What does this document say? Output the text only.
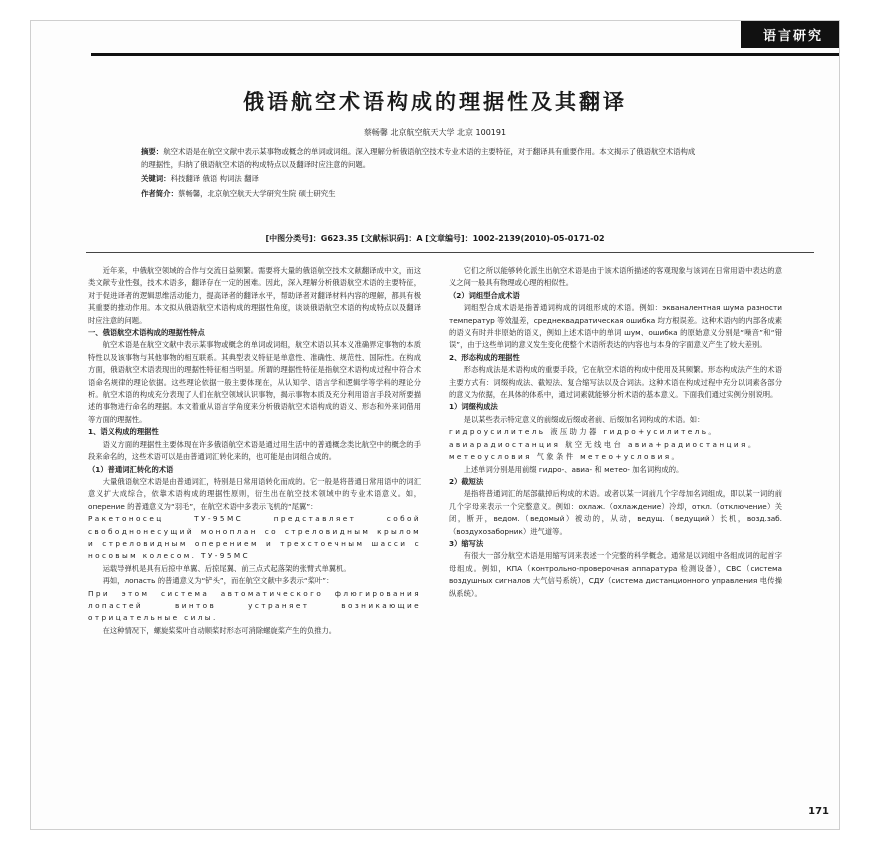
语言研究
俄语航空术语构成的理据性及其翻译
蔡畅馨 北京航空航天大学 北京 100191

摘要：航空术语是在航空文献中表示某事物或概念的单词或词组。深入理解分析俄语航空技术专业术语的主要特征，对于翻译具有重要作用。本文揭示了俄语航空术语构成的理据性，归纳了俄语航空术语的构成特点以及翻译时应注意的问题。

关键词：科技翻译 俄语 构词法 翻译

作者简介：蔡畅馨，北京航空航天大学研究生院 硕士研究生

[中图分类号]：G623.35 [文献标识码]：A [文章编号]：1002-2139(2010)-05-0171-02

近年来，中俄航空领域的合作与交流日益频繁。需要将大量的俄语航空技术文献翻译成中文，而这类文献专业性强，技术术语多，翻译存在一定的困难。因此，深入理解分析俄语航空术语的主要特征，对于促进译者的逻辑思维活动能力，提高译者的翻译水平，帮助译者对翻译材料内容的理解，都具有极其重要的推动作用。本文拟从俄语航空术语构成的理据性角度，谈谈俄语航空术语的构成特点以及翻译时应注意的问题。

一、俄语航空术语构成的理据性特点

航空术语是在航空文献中表示某事物或概念的单词或词组，航空术语以其本义准确界定事物的本质特性以及该事物与其他事物的相互联系。其典型表义特征是单意性、准确性、规范性、国际性。在构成方面，俄语航空术语表现出的理据性特征相当明显。所谓的理据性特征是指航空术语构成过程中符合术语命名规律的理论依据。这些理论依据一般主要体现在，从认知学、语言学和逻辑学等学科的理论分析。航空术语的构成充分表现了人们在航空领域认识事物，揭示事物本质及充分利用语言手段对所要描述的事物进行命名的理据。本文着重从语言学角度来分析俄语航空术语构成的语义、形态和外来词借用等方面的理据性。

1、语义构成的理据性

语义方面的理据性主要体现在许多俄语航空术语是通过用生活中的普通概念类比航空中的概念的手段来命名的，这些术语可以是由普通词汇转化来的，也可能是由词组合成的。

（1）普通词汇转化的术语

大量俄语航空术语是由普通词汇，特别是日常用语转化而成的。它一般是将普通日常用语中的词汇意义扩大成综合，依靠术语构成的理据性原则，衍生出在航空技术领域中的专业术语意义。如，оперение 的普通意义为“羽毛”，在航空术语中多表示飞机的“尾翼”：

Ракетоносец ТУ-95МС представляет собой свободнонесущий моноплан со стреловидным крылом и стреловидным оперением и трехстоечным шасси с носовым колесом. ТУ-95МС

运载导弹机是具有后掠中单翼、后掠尾翼、前三点式起落架的张臂式单翼机。

再如，лопасть 的普通意义为“铲头”，而在航空文献中多表示“桨叶”：

При этом система автоматического флюгирования лопастей винтов устраняет возникающие отрицательные силы.

在这种情况下，螺旋桨桨叶自动顺桨时形态可消除螺旋桨产生的负推力。

它们之所以能够转化派生出航空术语是由于该术语所描述的客观现象与该词在日常用语中表达的意义之间一般具有物理或心理的相似性。

（2）词组型合成术语

词组型合成术语是指普通词构成的词组形成的术语。例如：экваналентная шума разности температур 等效温差，среднеквадратическая ошибка 均方根误差。这种术语内的内部各成素的语义有时并非原始的语义，例如上述术语中的单词 шум、ошибка 的原始意义分别是“噪音”和“错误”，由于这些单词的意义发生变化使整个术语所表达的内容也与本身的字面意义产生了较大差别。

2、形态构成的理据性

形态构成法是术语构成的重要手段，它在航空术语的构成中使用及其频繁。形态构成法产生的术语主要方式有：词缀构成法、截短法、复合缩写法以及合词法。这种术语在构成过程中充分以词素各部分的意义为依据，在具体的体系中，通过词素就能够分析术语的基本意义。下面我们通过实例分别说明。

1）词缀构成法

是以某些表示特定意义的前缀或后缀或者前、后缀加名词构成的术语。如：

гидроусилитель 液压助力器 гидро+усилитель。

авиарадиостанция 航空无线电台 авиа+радиостанция。

метеоусловия 气象条件 метео+условия。

上述单词分别是用前缀 гидро-、авиа- 和 метео- 加名词构成的。

2）截短法

是指将普通词汇的尾部截掉后构成的术语。或者以某一词前几个字母加名词组成，即以某一词的前几个字母来表示一个完整意义。例如：охлаж.（охлаждение）冷却，откл.（отключение）关闭，断开，ведом.（ведомый）被动的，从动，ведущ.（ведущий）长机，возд.заб.（воздухозаборник）进气道等。

3）缩写法

有很大一部分航空术语是用缩写词来表述一个完整的科学概念。通常是以词组中各组成词的起首字母组成。例如，КПА（контрольно-проверочная аппаратура 检测设备），СВС（система воздушных сигналов 大气信号系统），СДУ（система дистанционного управления 电传操纵系统）。

171
